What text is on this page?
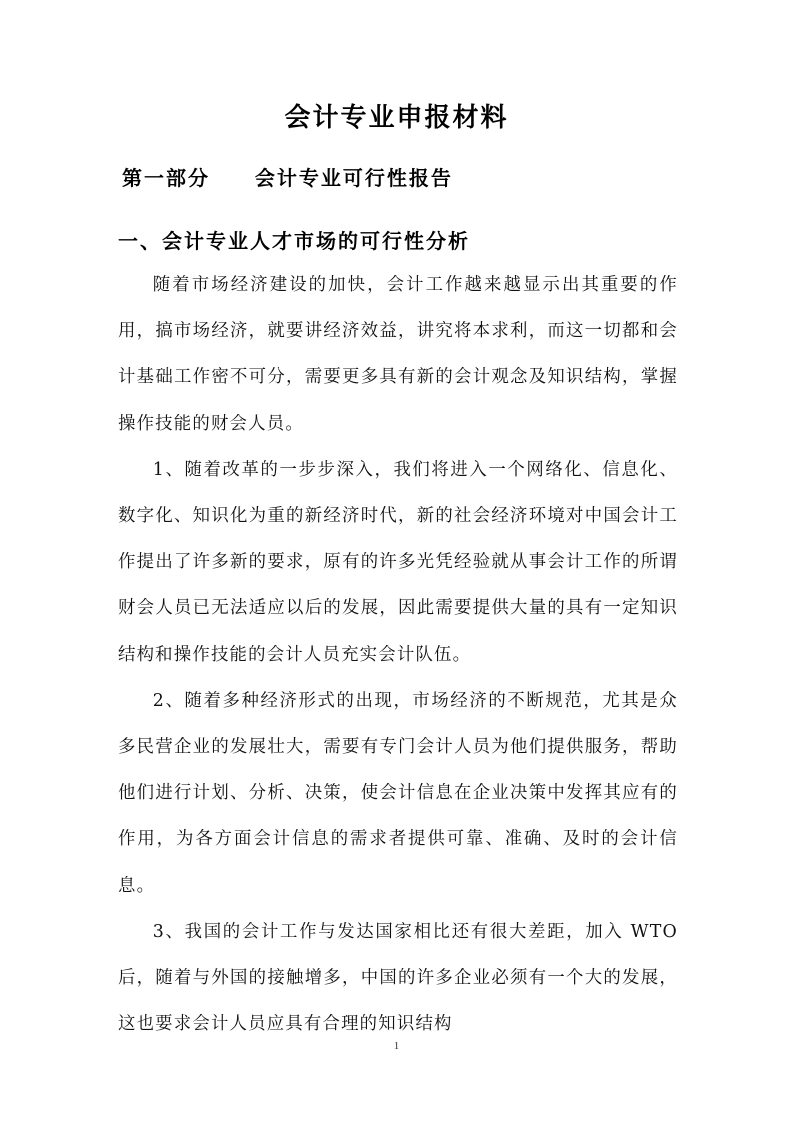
会计专业申报材料
第一部分     会计专业可行性报告
一、会计专业人才市场的可行性分析

随着市场经济建设的加快，会计工作越来越显示出其重要的作用，搞市场经济，就要讲经济效益，讲究将本求利，而这一切都和会计基础工作密不可分，需要更多具有新的会计观念及知识结构，掌握操作技能的财会人员。

1、随着改革的一步步深入，我们将进入一个网络化、信息化、数字化、知识化为重的新经济时代，新的社会经济环境对中国会计工作提出了许多新的要求，原有的许多光凭经验就从事会计工作的所谓财会人员已无法适应以后的发展，因此需要提供大量的具有一定知识结构和操作技能的会计人员充实会计队伍。

2、随着多种经济形式的出现，市场经济的不断规范，尤其是众多民营企业的发展壮大，需要有专门会计人员为他们提供服务，帮助他们进行计划、分析、决策，使会计信息在企业决策中发挥其应有的作用，为各方面会计信息的需求者提供可靠、准确、及时的会计信息。

3、我国的会计工作与发达国家相比还有很大差距，加入 WTO 后，随着与外国的接触增多，中国的许多企业必须有一个大的发展，这也要求会计人员应具有合理的知识结构

1
